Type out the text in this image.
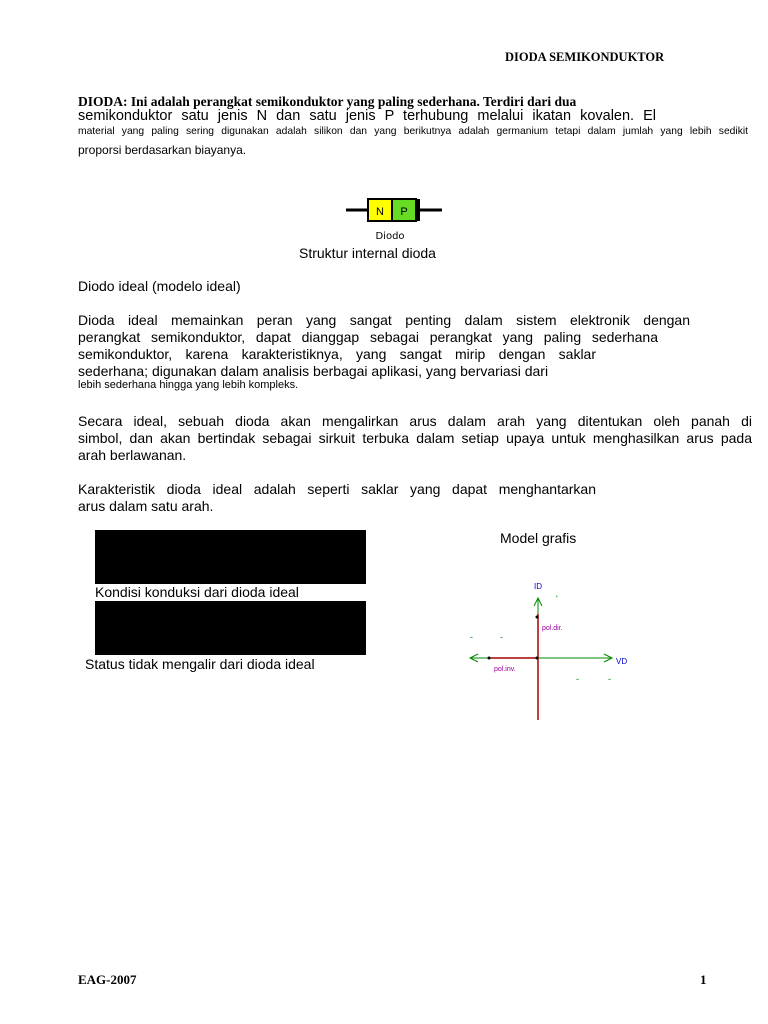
DIODA SEMIKONDUKTOR
DIODA: Ini adalah perangkat semikonduktor yang paling sederhana. Terdiri dari dua
semikonduktor satu jenis N dan satu jenis P terhubung melalui ikatan kovalen. El
material yang paling sering digunakan adalah silikon dan yang berikutnya adalah germanium tetapi dalam jumlah yang lebih sedikit
proporsi berdasarkan biayanya.
N P
Diodo
Struktur internal dioda
Diodo ideal (modelo ideal)
Dioda ideal memainkan peran yang sangat penting dalam sistem elektronik dengan
perangkat semikonduktor, dapat dianggap sebagai perangkat yang paling sederhana
semikonduktor, karena karakteristiknya, yang sangat mirip dengan saklar
sederhana; digunakan dalam analisis berbagai aplikasi, yang bervariasi dari
lebih sederhana hingga yang lebih kompleks.
Secara ideal, sebuah dioda akan mengalirkan arus dalam arah yang ditentukan oleh panah di
simbol, dan akan bertindak sebagai sirkuit terbuka dalam setiap upaya untuk menghasilkan arus pada
arah berlawanan.
Karakteristik dioda ideal adalah seperti saklar yang dapat menghantarkan
arus dalam satu arah.
Kondisi konduksi dari dioda ideal
Status tidak mengalir dari dioda ideal
Model grafis
-	-
'
-	-
ID
VD
pol.dir.
pol.inv.
EAG-2007	1
